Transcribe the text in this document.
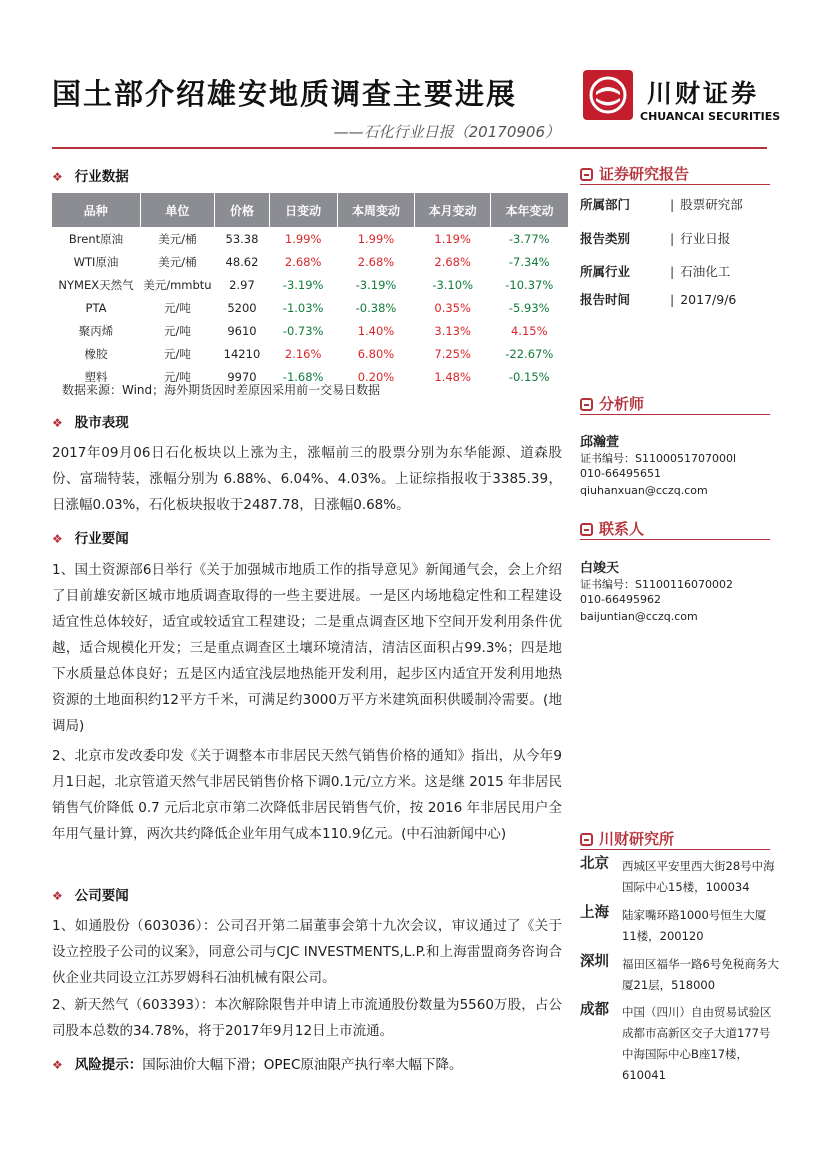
国土部介绍雄安地质调查主要进展
——石化行业日报（20170906）
川财证券
CHUANCAI SECURITIES
❖ 行业数据
品种	单位	价格	日变动	本周变动	本月变动	本年变动
Brent原油	美元/桶	53.38	1.99%	1.99%	1.19%	-3.77%
WTI原油	美元/桶	48.62	2.68%	2.68%	2.68%	-7.34%
NYMEX天然气	美元/mmbtu	2.97	-3.19%	-3.19%	-3.10%	-10.37%
PTA	元/吨	5200	-1.03%	-0.38%	0.35%	-5.93%
聚丙烯	元/吨	9610	-0.73%	1.40%	3.13%	4.15%
橡胶	元/吨	14210	2.16%	6.80%	7.25%	-22.67%
塑料	元/吨	9970	-1.68%	0.20%	1.48%	-0.15%
数据来源：Wind；海外期货因时差原因采用前一交易日数据
❖ 股市表现
2017年09月06日石化板块以上涨为主，涨幅前三的股票分别为东华能源、道森股份、富瑞特装，涨幅分别为 6.88%、6.04%、4.03%。上证综指报收于3385.39，日涨幅0.03%，石化板块报收于2487.78，日涨幅0.68%。
❖ 行业要闻
1、国土资源部6日举行《关于加强城市地质工作的指导意见》新闻通气会，会上介绍了目前雄安新区城市地质调查取得的一些主要进展。一是区内场地稳定性和工程建设适宜性总体较好，适宜或较适宜工程建设；二是重点调查区地下空间开发利用条件优越，适合规模化开发；三是重点调查区土壤环境清洁，清洁区面积占99.3%；四是地下水质量总体良好；五是区内适宜浅层地热能开发利用，起步区内适宜开发利用地热资源的土地面积约12平方千米，可满足约3000万平方米建筑面积供暖制冷需要。(地调局)
2、北京市发改委印发《关于调整本市非居民天然气销售价格的通知》指出，从今年9月1日起，北京管道天然气非居民销售价格下调0.1元/立方米。这是继 2015 年非居民销售气价降低 0.7 元后北京市第二次降低非居民销售气价，按 2016 年非居民用户全年用气量计算，两次共约降低企业年用气成本110.9亿元。(中石油新闻中心)
❖ 公司要闻
1、如通股份（603036）：公司召开第二届董事会第十九次会议，审议通过了《关于设立控股子公司的议案》，同意公司与CJC INVESTMENTS,L.P.和上海雷盟商务咨询合伙企业共同设立江苏罗姆科石油机械有限公司。
2、新天然气（603393）：本次解除限售并申请上市流通股份数量为5560万股，占公司股本总数的34.78%，将于2017年9月12日上市流通。
❖ 风险提示：国际油价大幅下滑；OPEC原油限产执行率大幅下降。
证券研究报告
所属部门	| 股票研究部
报告类别	| 行业日报
所属行业	| 石油化工
报告时间	| 2017/9/6
分析师
邱瀚萱
证书编号：S1100051707000l
010-66495651
qiuhanxuan@cczq.com
联系人
白竣天
证书编号：S1100116070002
010-66495962
baijuntian@cczq.com
川财研究所
北京 西城区平安里西大街28号中海国际中心15楼，100034
上海 陆家嘴环路1000号恒生大厦11楼，200120
深圳 福田区福华一路6号免税商务大厦21层，518000
成都 中国（四川）自由贸易试验区成都市高新区交子大道177号中海国际中心B座17楼，610041
